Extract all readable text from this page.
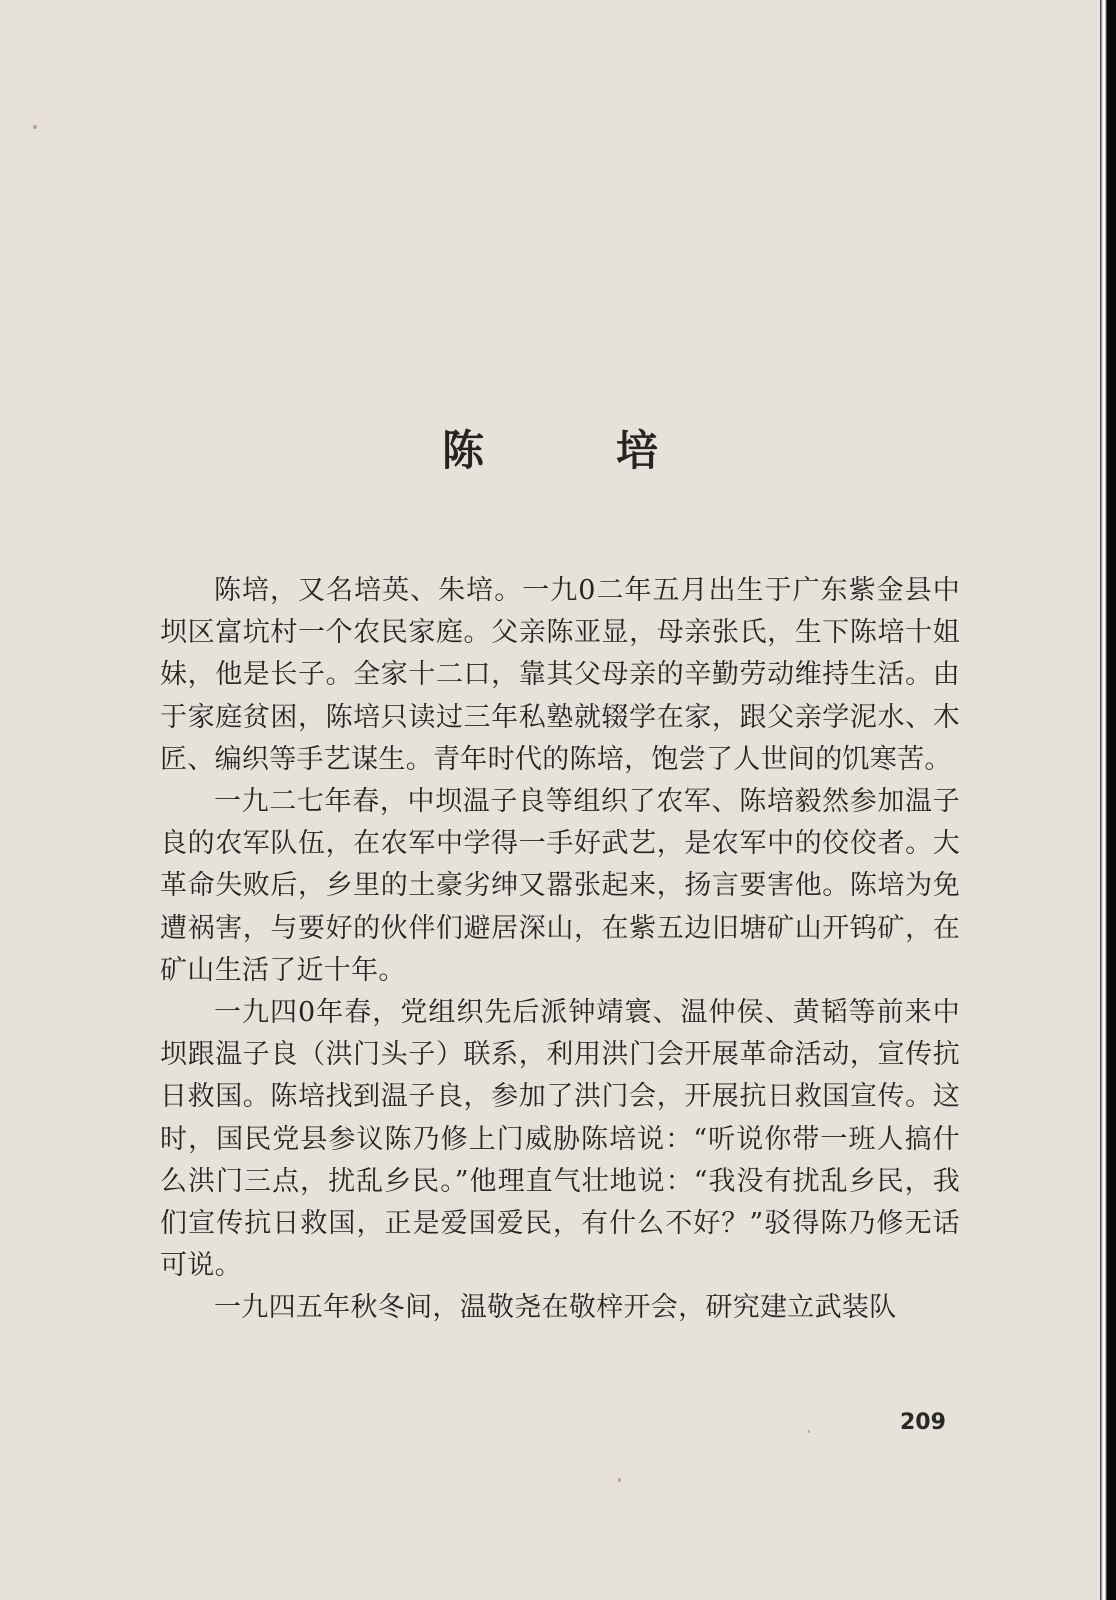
陈	培

陈培，又名培英、朱培。一九0二年五月出生于广东紫金县中坝区富坑村一个农民家庭。父亲陈亚显，母亲张氏，生下陈培十姐妹，他是长子。全家十二口，靠其父母亲的辛勤劳动维持生活。由于家庭贫困，陈培只读过三年私塾就辍学在家，跟父亲学泥水、木匠、编织等手艺谋生。青年时代的陈培，饱尝了人世间的饥寒苦。

一九二七年春，中坝温子良等组织了农军、陈培毅然参加温子良的农军队伍，在农军中学得一手好武艺，是农军中的佼佼者。大革命失败后，乡里的土豪劣绅又嚣张起来，扬言要害他。陈培为免遭祸害，与要好的伙伴们避居深山，在紫五边旧塘矿山开钨矿，在矿山生活了近十年。

一九四0年春，党组织先后派钟靖寰、温仲侯、黄韬等前来中坝跟温子良（洪门头子）联系，利用洪门会开展革命活动，宣传抗日救国。陈培找到温子良，参加了洪门会，开展抗日救国宣传。这时，国民党县参议陈乃修上门威胁陈培说：“听说你带一班人搞什么洪门三点，扰乱乡民。”他理直气壮地说：“我没有扰乱乡民，我们宣传抗日救国，正是爱国爱民，有什么不好？”驳得陈乃修无话可说。

一九四五年秋冬间，温敬尧在敬梓开会，研究建立武装队

209
